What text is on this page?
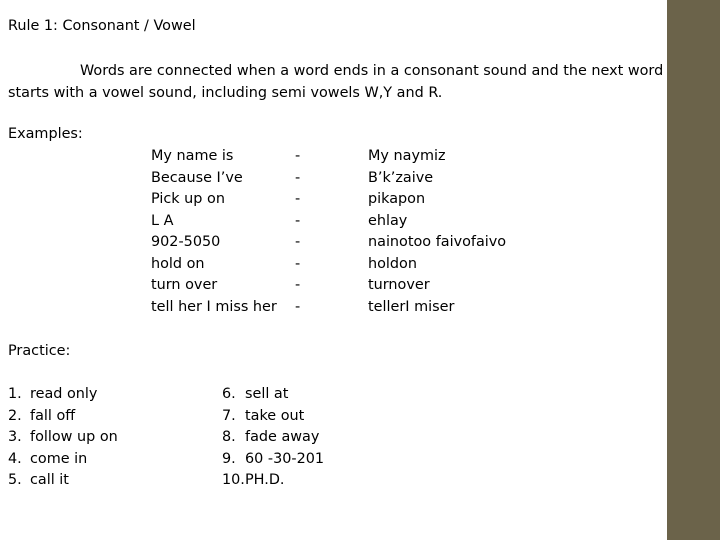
Rule 1: Consonant / Vowel
Words are connected when a word ends in a consonant sound and the next word starts with a vowel sound, including semi vowels W,Y and R.
Examples:
My name is
Because I’ve
Pick up on
L A
902-5050
hold on
turn over
tell her I miss her
-
-
-
-
-
-
-
-
My naymiz
B’k’zaive
pikapon
ehlay
nainotoo faivofaivo
holdon
turnover
tellerI miser
Practice:
1. read only
2. fall off
3. follow up on
4. come in
5. call it
6. sell at
7. take out
8. fade away
9. 60 -30-201
10.PH.D.
